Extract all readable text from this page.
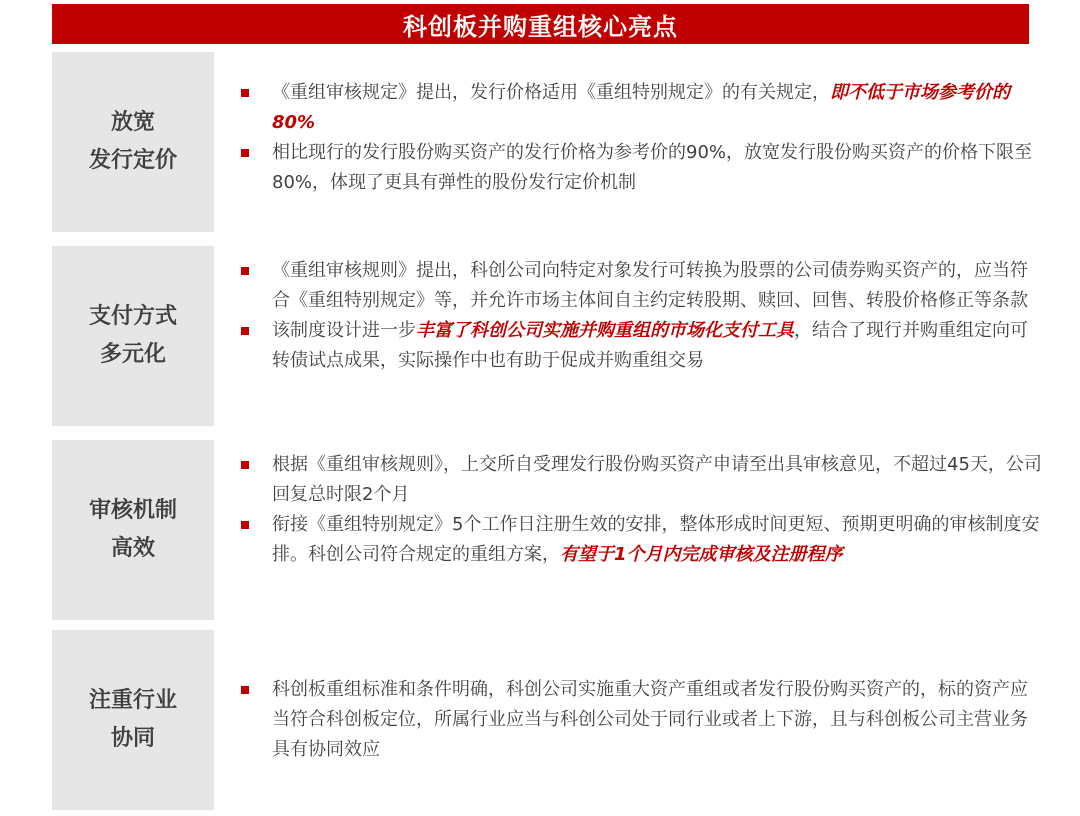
科创板并购重组核心亮点
放宽
发行定价
《重组审核规定》提出，发行价格适用《重组特别规定》的有关规定，即不低于市场参考价的80%
相比现行的发行股份购买资产的发行价格为参考价的90%，放宽发行股份购买资产的价格下限至80%，体现了更具有弹性的股份发行定价机制
支付方式
多元化
《重组审核规则》提出，科创公司向特定对象发行可转换为股票的公司债券购买资产的，应当符合《重组特别规定》等，并允许市场主体间自主约定转股期、赎回、回售、转股价格修正等条款
该制度设计进一步丰富了科创公司实施并购重组的市场化支付工具，结合了现行并购重组定向可转债试点成果，实际操作中也有助于促成并购重组交易
审核机制
高效
根据《重组审核规则》，上交所自受理发行股份购买资产申请至出具审核意见，不超过45天，公司回复总时限2个月
衔接《重组特别规定》5个工作日注册生效的安排，整体形成时间更短、预期更明确的审核制度安排。科创公司符合规定的重组方案，有望于1个月内完成审核及注册程序
注重行业
协同
科创板重组标准和条件明确，科创公司实施重大资产重组或者发行股份购买资产的，标的资产应当符合科创板定位，所属行业应当与科创公司处于同行业或者上下游，且与科创板公司主营业务具有协同效应
